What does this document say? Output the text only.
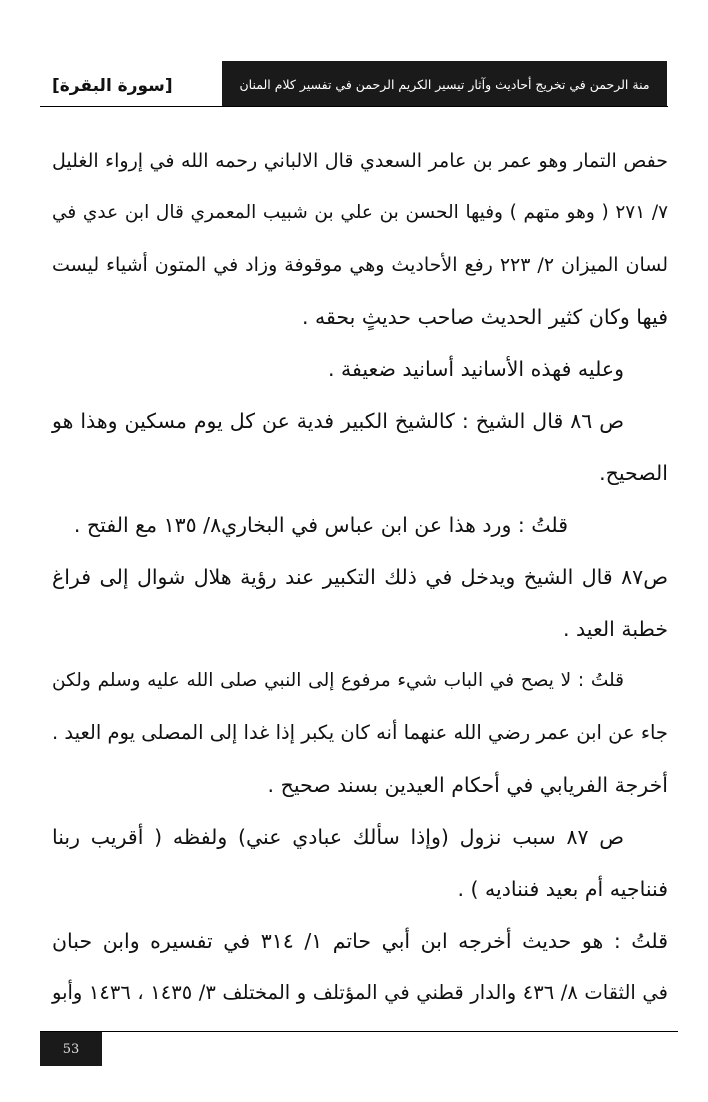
منة الرحمن في تخريج أحاديث وآثار تيسير الكريم الرحمن في تفسير كلام المنان
[سورة البقرة]
حفص التمار وهو عمر بن عامر السعدي قال الالباني رحمه الله في إرواء الغليل
٧/ ٢٧١ ( وهو متهم ) وفيها الحسن بن علي بن شبيب المعمري قال ابن عدي في
لسان الميزان ٢/ ٢٢٣ رفع الأحاديث وهي موقوفة وزاد في المتون أشياء ليست
فيها وكان كثير الحديث صاحب حديثٍ بحقه .
وعليه فهذه الأسانيد أسانيد ضعيفة .
ص ٨٦ قال الشيخ : كالشيخ الكبير فدية عن كل يوم مسكين وهذا هو
الصحيح.
قلتُ : ورد هذا عن ابن عباس في البخاري٨/ ١٣٥ مع الفتح .
ص٨٧ قال الشيخ ويدخل في ذلك التكبير عند رؤية هلال شوال إلى فراغ
خطبة العيد .
قلتُ : لا يصح في الباب شيء مرفوع إلى النبي صلى الله عليه وسلم ولكن
جاء عن ابن عمر رضي الله عنهما أنه كان يكبر إذا غدا إلى المصلى يوم العيد .
أخرجة الفريابي في أحكام العيدين بسند صحيح .
ص ٨٧ سبب نزول (وإذا سألك عبادي عني) ولفظه ( أقريب ربنا
فنناجيه أم بعيد فنناديه ) .
قلتُ : هو حديث أخرجه ابن أبي حاتم ١/ ٣١٤ في تفسيره وابن حبان
في الثقات ٨/ ٤٣٦ والدار قطني في المؤتلف و المختلف ٣/ ١٤٣٥ ، ١٤٣٦ وأبو
53
